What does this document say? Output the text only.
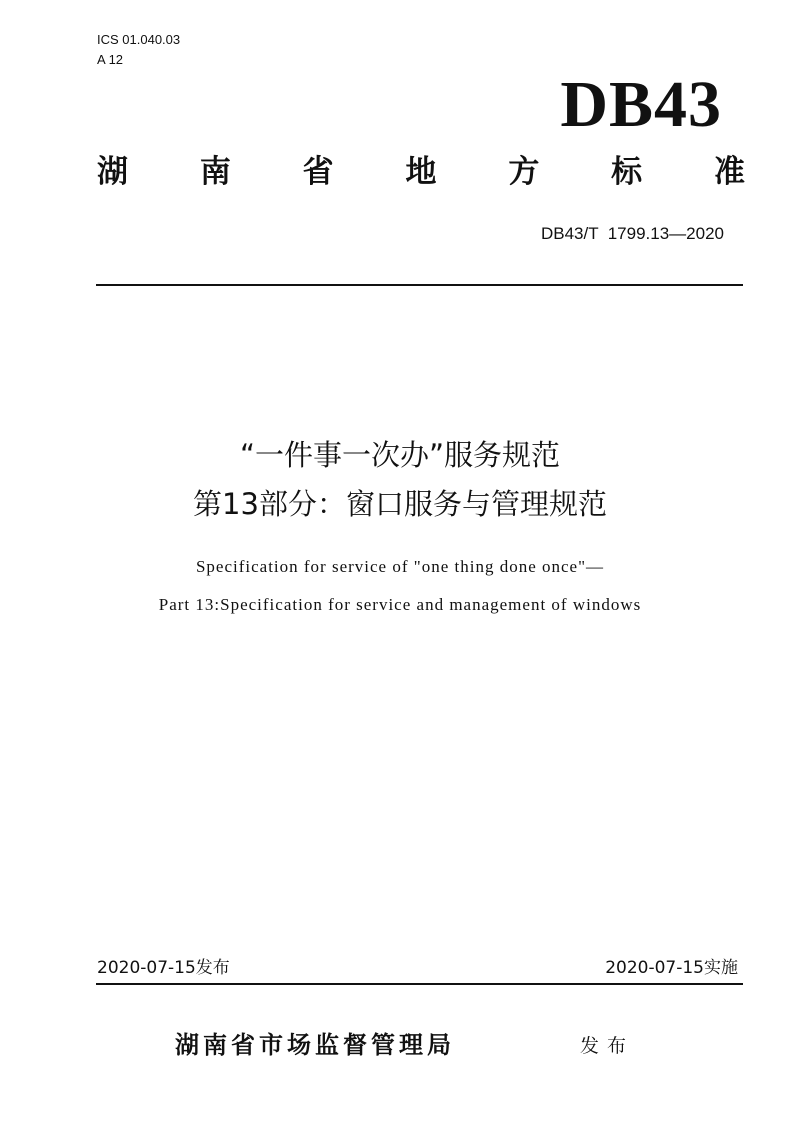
ICS 01.040.03
A 12
DB43
湖 南 省 地 方 标 准
DB43/T  1799.13—2020
“一件事一次办”服务规范
第13部分：窗口服务与管理规范
Specification for service of "one thing done once"—
Part 13:Specification for service and management of windows
2020-07-15发布	2020-07-15实施
湖南省市场监督管理局	发布
